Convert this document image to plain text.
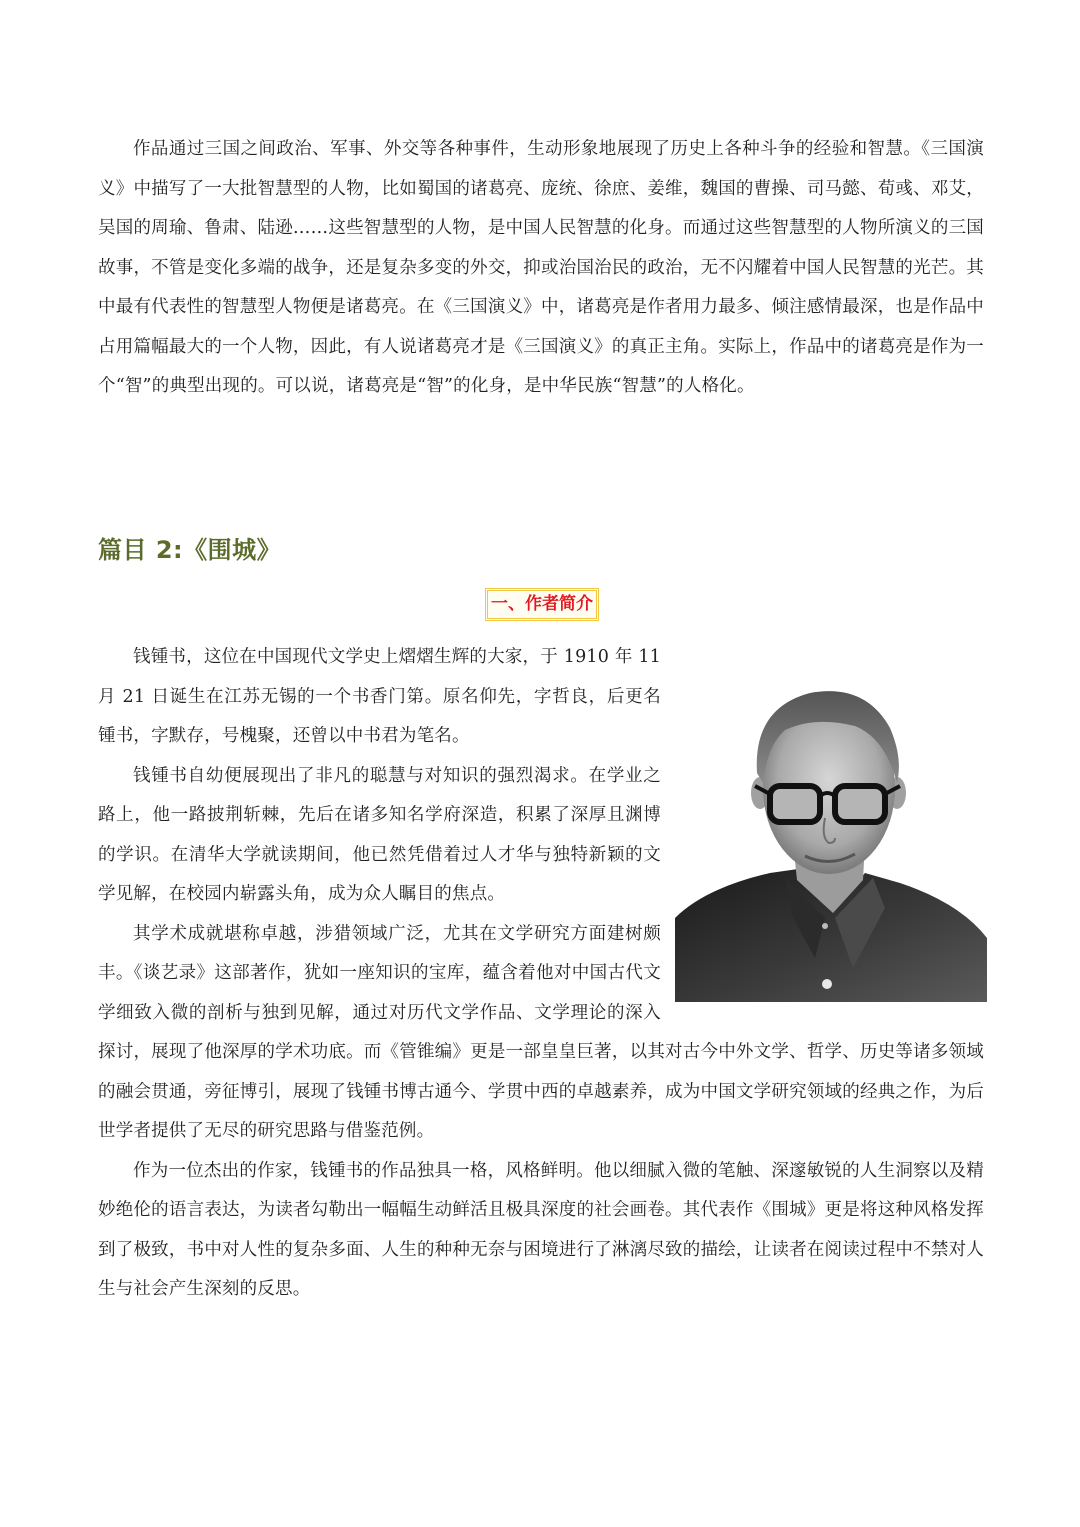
作品通过三国之间政治、军事、外交等各种事件，生动形象地展现了历史上各种斗争的经验和智慧。《三国演义》中描写了一大批智慧型的人物，比如蜀国的诸葛亮、庞统、徐庶、姜维，魏国的曹操、司马懿、荀彧、邓艾，吴国的周瑜、鲁肃、陆逊……这些智慧型的人物，是中国人民智慧的化身。而通过这些智慧型的人物所演义的三国故事，不管是变化多端的战争，还是复杂多变的外交，抑或治国治民的政治，无不闪耀着中国人民智慧的光芒。其中最有代表性的智慧型人物便是诸葛亮。在《三国演义》中，诸葛亮是作者用力最多、倾注感情最深，也是作品中占用篇幅最大的一个人物，因此，有人说诸葛亮才是《三国演义》的真正主角。实际上，作品中的诸葛亮是作为一个“智”的典型出现的。可以说，诸葛亮是“智”的化身，是中华民族“智慧”的人格化。

篇目 2:《围城》
一、作者简介

钱锺书，这位在中国现代文学史上熠熠生辉的大家，于 1910 年 11 月 21 日诞生在江苏无锡的一个书香门第。原名仰先，字哲良，后更名锺书，字默存，号槐聚，还曾以中书君为笔名。

钱锺书自幼便展现出了非凡的聪慧与对知识的强烈渴求。在学业之路上，他一路披荆斩棘，先后在诸多知名学府深造，积累了深厚且渊博的学识。在清华大学就读期间，他已然凭借着过人才华与独特新颖的文学见解，在校园内崭露头角，成为众人瞩目的焦点。

其学术成就堪称卓越，涉猎领域广泛，尤其在文学研究方面建树颇丰。《谈艺录》这部著作，犹如一座知识的宝库，蕴含着他对中国古代文学细致入微的剖析与独到见解，通过对历代文学作品、文学理论的深入探讨，展现了他深厚的学术功底。而《管锥编》更是一部皇皇巨著，以其对古今中外文学、哲学、历史等诸多领域的融会贯通，旁征博引，展现了钱锺书博古通今、学贯中西的卓越素养，成为中国文学研究领域的经典之作，为后世学者提供了无尽的研究思路与借鉴范例。

作为一位杰出的作家，钱锺书的作品独具一格，风格鲜明。他以细腻入微的笔触、深邃敏锐的人生洞察以及精妙绝伦的语言表达，为读者勾勒出一幅幅生动鲜活且极具深度的社会画卷。其代表作《围城》更是将这种风格发挥到了极致，书中对人性的复杂多面、人生的种种无奈与困境进行了淋漓尽致的描绘，让读者在阅读过程中不禁对人生与社会产生深刻的反思。
